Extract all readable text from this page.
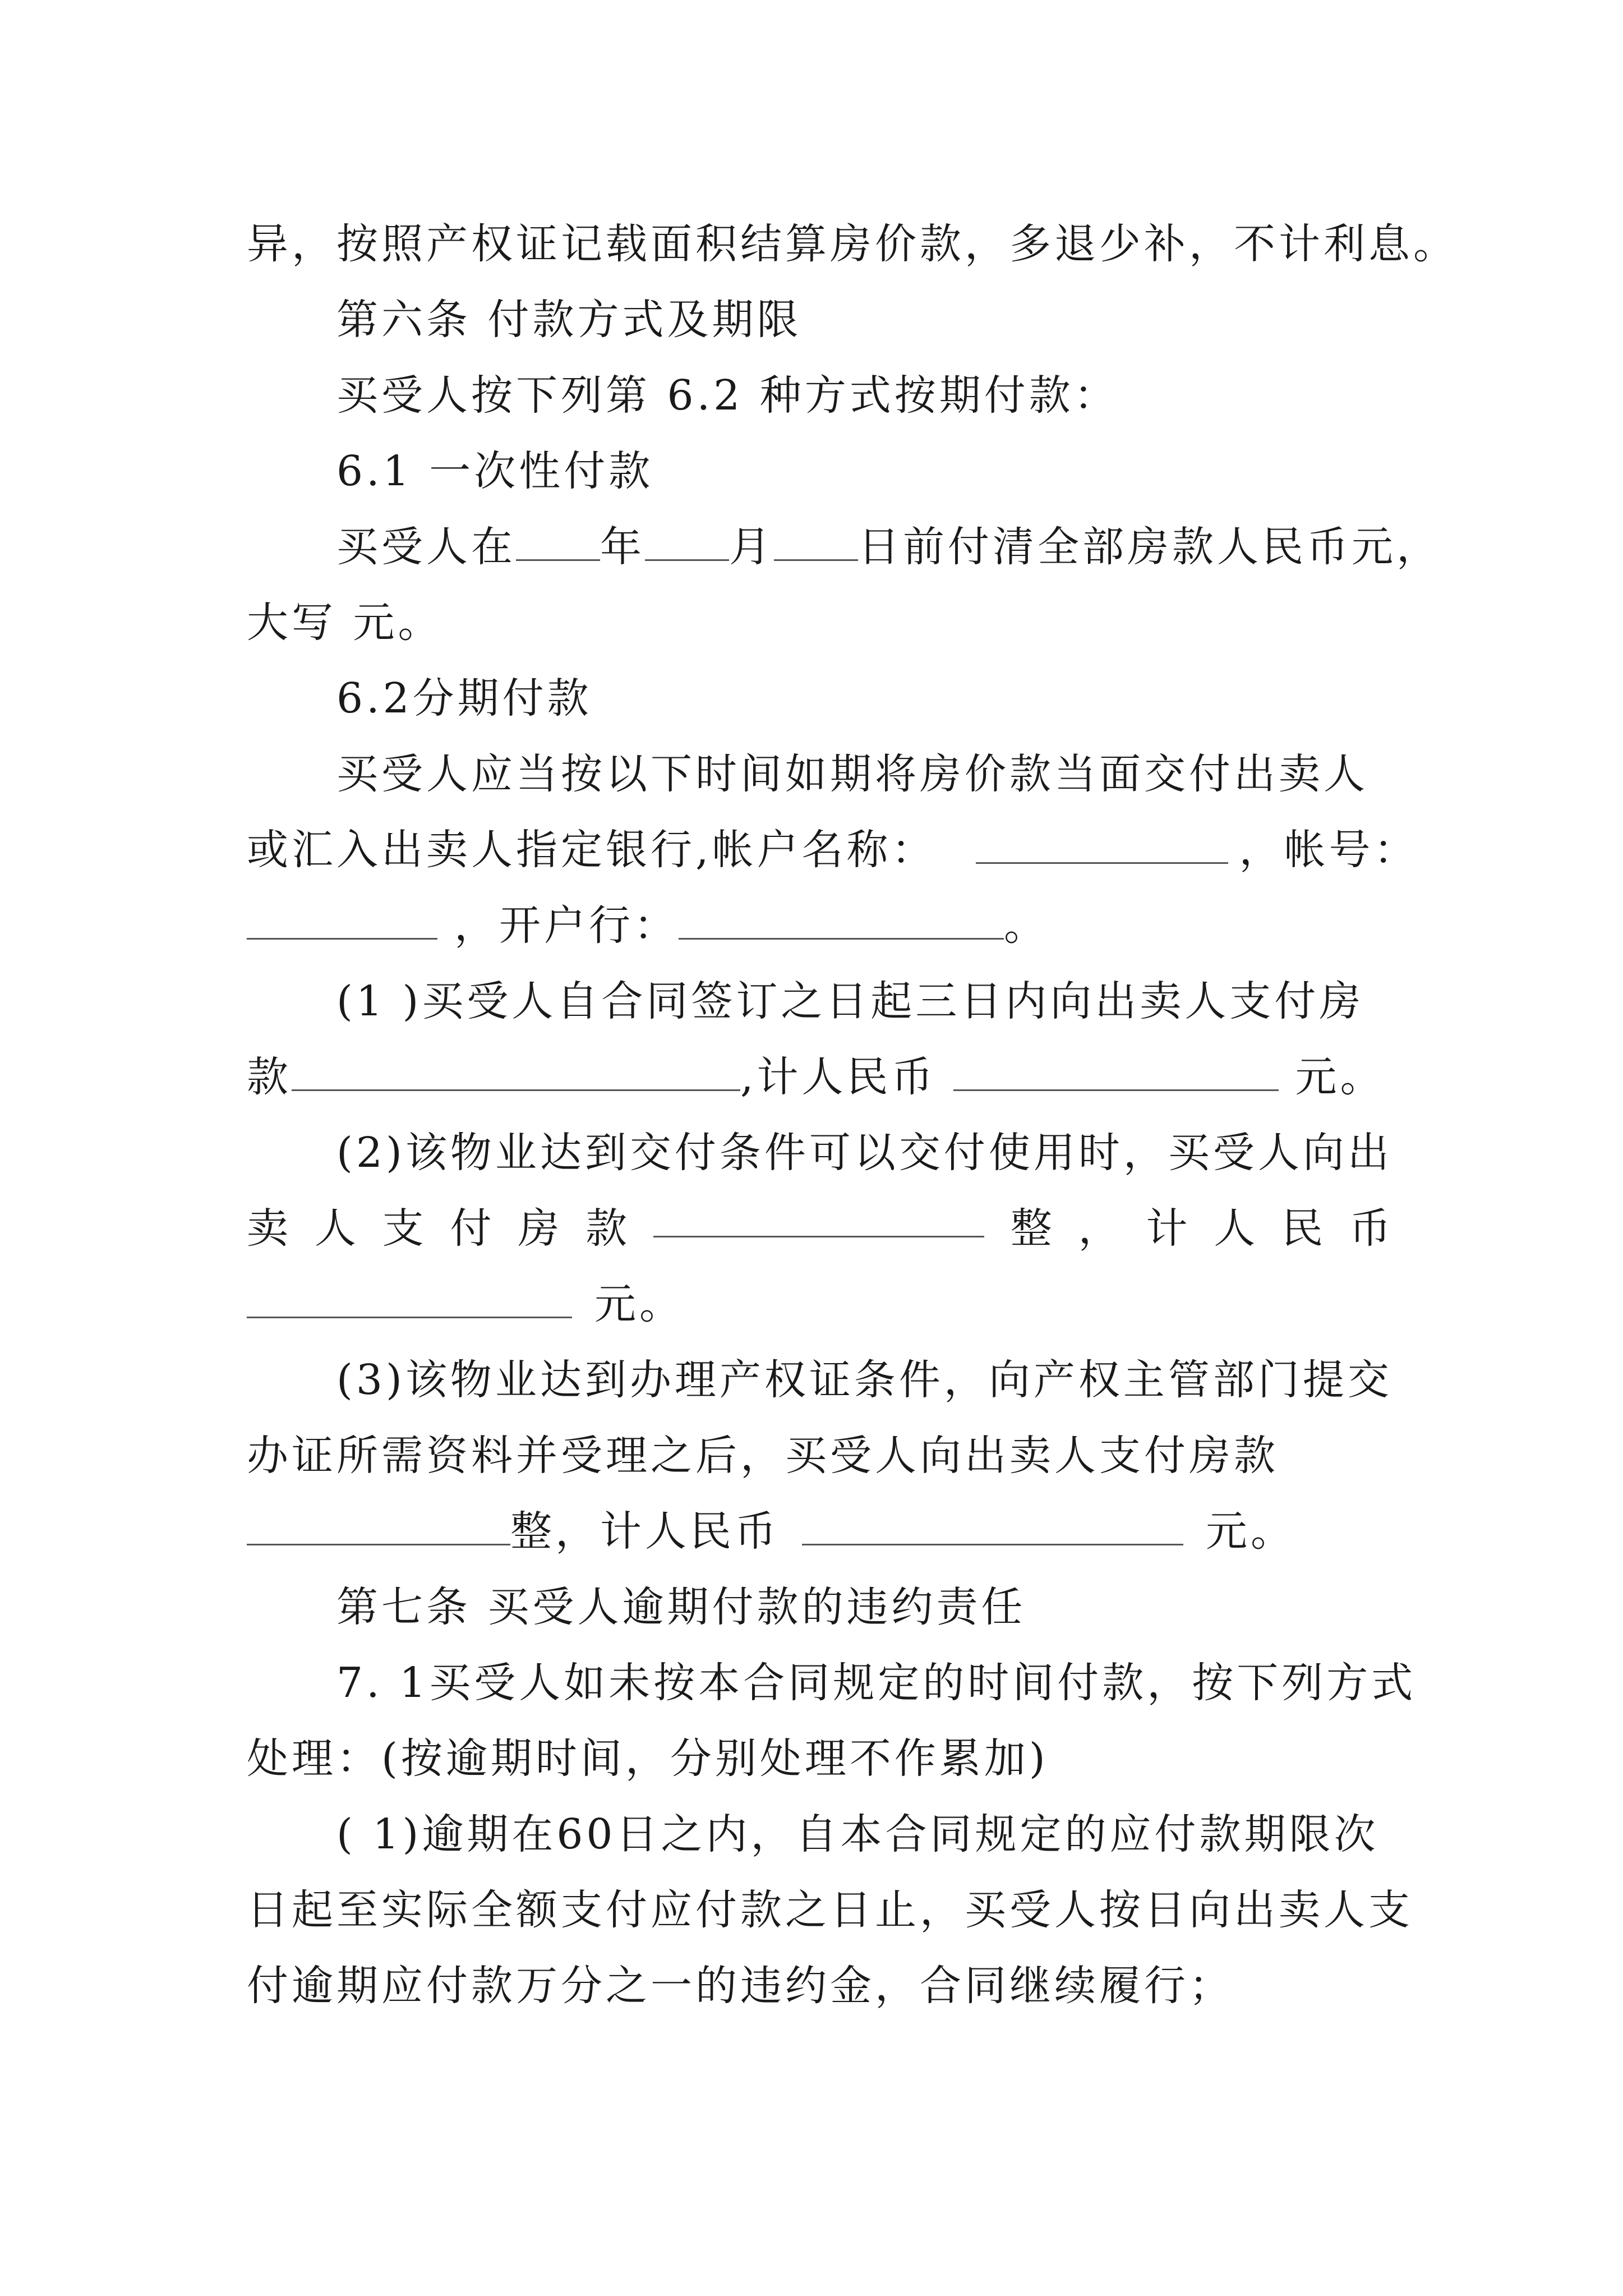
异，按照产权证记载面积结算房价款，多退少补，不计利息。
第六条 付款方式及期限
买受人按下列第 6.2 种方式按期付款：
6.1 一次性付款
买受人在 年 月 日前付清全部房款人民币元，
大写 元。
6.2分期付款
买受人应当按以下时间如期将房价款当面交付出卖人
或汇入出卖人指定银行,帐户名称：	，帐号：
，开户行：	。
(1 )买受人自合同签订之日起三日内向出卖人支付房
款	,计人民币	元。
(2)该物业达到交付条件可以交付使用时，买受人向出
卖 人 支 付 房 款	整 ， 计 人 民 币
元。
(3)该物业达到办理产权证条件，向产权主管部门提交
办证所需资料并受理之后，买受人向出卖人支付房款
整，计人民币	元。
第七条 买受人逾期付款的违约责任
7. 1买受人如未按本合同规定的时间付款，按下列方式
处理：(按逾期时间，分别处理不作累加)
( 1)逾期在60日之内，自本合同规定的应付款期限次
日起至实际全额支付应付款之日止，买受人按日向出卖人支
付逾期应付款万分之一的违约金，合同继续履行；
